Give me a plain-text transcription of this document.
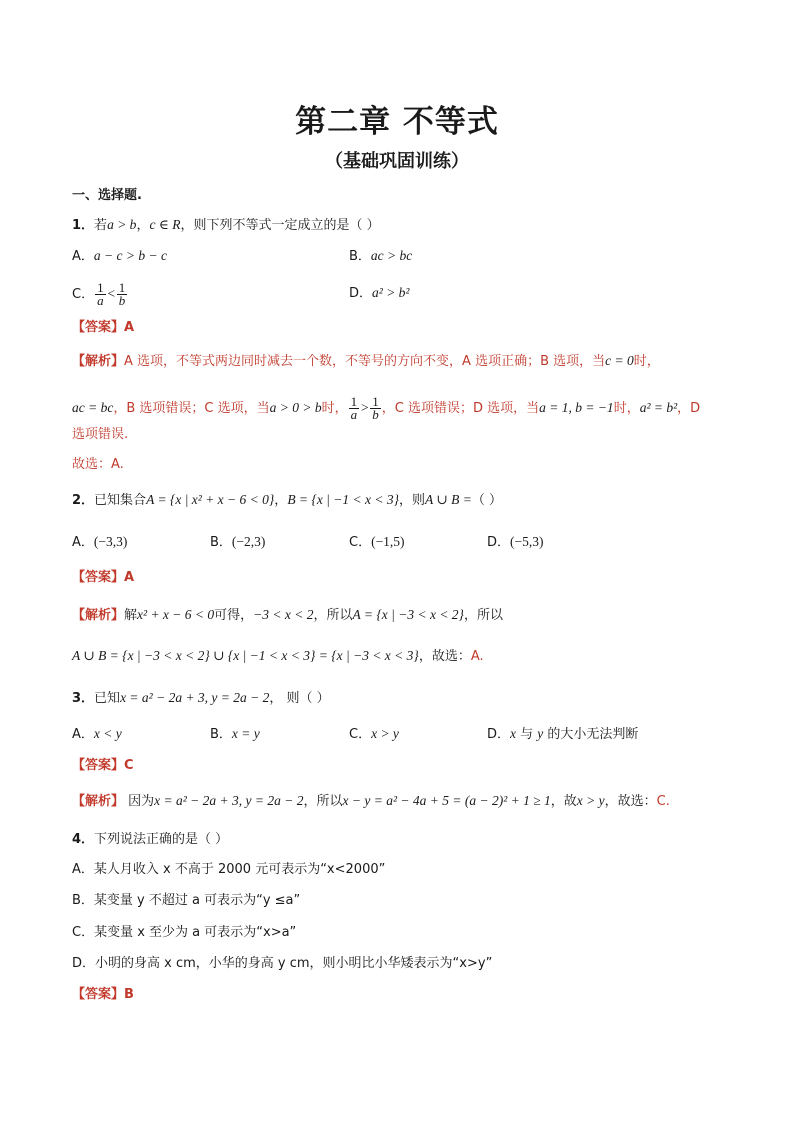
第二章 不等式
（基础巩固训练）
一、选择题.
1．若a > b，c ∈ R，则下列不等式一定成立的是（ ）
A．a − c > b − c	B．ac > bc
C． $\frac{1}{a} < \frac{1}{b}$	D．a² > b²
【答案】A
【解析】A 选项，不等式两边同时减去一个数，不等号的方向不变，A 选项正确；B 选项，当c = 0时，
ac = bc，B 选项错误；C 选项，当a > 0 > b时， $\frac{1}{a} > \frac{1}{b}$ ，C 选项错误；D 选项，当a = 1, b = −1时，a² = b²，D
选项错误.
故选：A.
2．已知集合A = {x | x² + x − 6 < 0}，B = {x | −1 < x < 3}，则A ∪ B =（ ）
A．(−3,3)	B．(−2,3)	C．(−1,5)	D．(−5,3)
【答案】A
【解析】解x² + x − 6 < 0可得，−3 < x < 2，所以A = {x | −3 < x < 2}，所以
A ∪ B = {x | −3 < x < 2} ∪ {x | −1 < x < 3} = {x | −3 < x < 3}，故选：A.
3．已知x = a² − 2a + 3, y = 2a − 2， 则（ ）
A．x < y	B．x = y	C．x > y	D．x 与 y 的大小无法判断
【答案】C
【解析】 因为x = a² − 2a + 3, y = 2a − 2，所以x − y = a² − 4a + 5 = (a − 2)² + 1 ≥ 1，故x > y，故选：C.
4．下列说法正确的是（ ）
A．某人月收入 x 不高于 2000 元可表示为“x<2000”
B．某变量 y 不超过 a 可表示为“y ≤a”
C．某变量 x 至少为 a 可表示为“x>a”
D．小明的身高 x cm，小华的身高 y cm，则小明比小华矮表示为“x>y”
【答案】B
